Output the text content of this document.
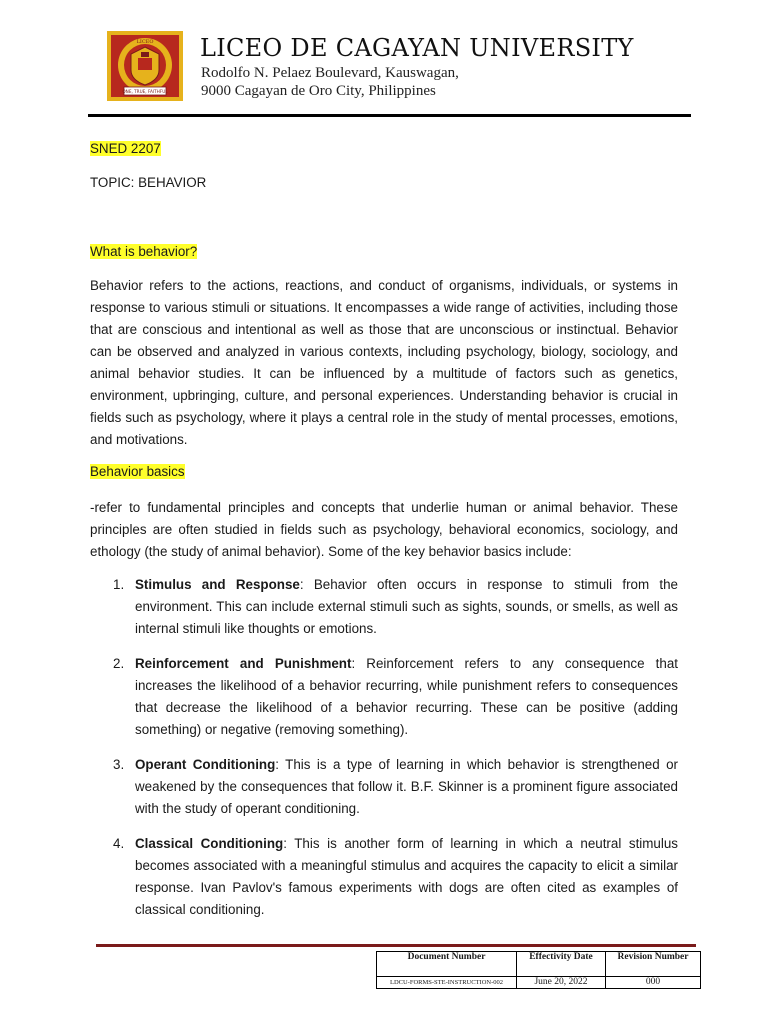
ONE, TRUE, FAITHFUL
LICEO LICEO DE CAGAYAN UNIVERSITY
Rodolfo N. Pelaez Boulevard, Kauswagan,
9000 Cagayan de Oro City, Philippines
SNED 2207
TOPIC: BEHAVIOR
What is behavior?

Behavior refers to the actions, reactions, and conduct of organisms, individuals, or systems in response to various stimuli or situations. It encompasses a wide range of activities, including those that are conscious and intentional as well as those that are unconscious or instinctual. Behavior can be observed and analyzed in various contexts, including psychology, biology, sociology, and animal behavior studies. It can be influenced by a multitude of factors such as genetics, environment, upbringing, culture, and personal experiences. Understanding behavior is crucial in fields such as psychology, where it plays a central role in the study of mental processes, emotions, and motivations.

Behavior basics

-refer to fundamental principles and concepts that underlie human or animal behavior. These principles are often studied in fields such as psychology, behavioral economics, sociology, and ethology (the study of animal behavior). Some of the key behavior basics include:

1. Stimulus and Response: Behavior often occurs in response to stimuli from the environment. This can include external stimuli such as sights, sounds, or smells, as well as internal stimuli like thoughts or emotions.
2. Reinforcement and Punishment: Reinforcement refers to any consequence that increases the likelihood of a behavior recurring, while punishment refers to consequences that decrease the likelihood of a behavior recurring. These can be positive (adding something) or negative (removing something).
3. Operant Conditioning: This is a type of learning in which behavior is strengthened or weakened by the consequences that follow it. B.F. Skinner is a prominent figure associated with the study of operant conditioning.
4. Classical Conditioning: This is another form of learning in which a neutral stimulus becomes associated with a meaningful stimulus and acquires the capacity to elicit a similar response. Ivan Pavlov's famous experiments with dogs are often cited as examples of classical conditioning.
Document Number	Effectivity Date	Revision Number
LDCU-FORMS-STE-INSTRUCTION-002	June 20, 2022	000
